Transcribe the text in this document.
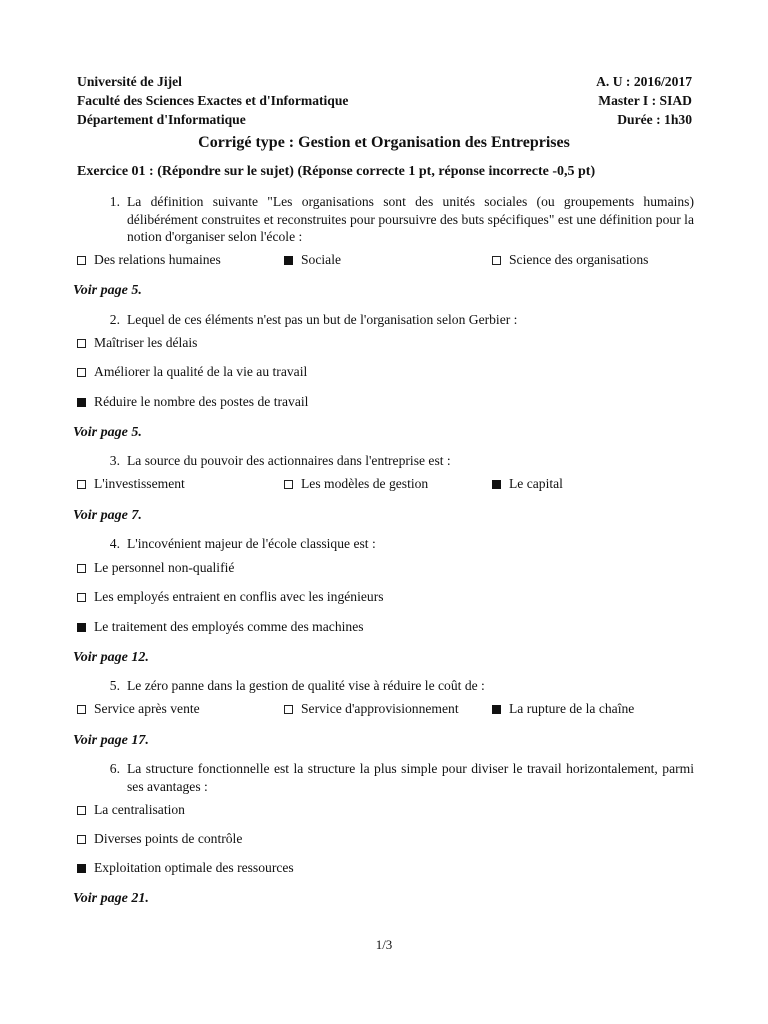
Université de Jijel	A. U : 2016/2017
Faculté des Sciences Exactes et d'Informatique	Master I : SIAD
Département d'Informatique	Durée : 1h30
Corrigé type : Gestion et Organisation des Entreprises
Exercice 01 : (Répondre sur le sujet) (Réponse correcte 1 pt, réponse incorrecte -0,5 pt)
1. La définition suivante "Les organisations sont des unités sociales (ou groupements humains) délibérément construites et reconstruites pour poursuivre des buts spécifiques" est une définition pour la notion d'organiser selon l'école :
Des relations humaines	Sociale	Science des organisations
Voir page 5.
2. Lequel de ces éléments n'est pas un but de l'organisation selon Gerbier :
Maîtriser les délais
Améliorer la qualité de la vie au travail
Réduire le nombre des postes de travail
Voir page 5.
3. La source du pouvoir des actionnaires dans l'entreprise est :
L'investissement	Les modèles de gestion	Le capital
Voir page 7.
4. L'incovénient majeur de l'école classique est :
Le personnel non-qualifié
Les employés entraient en conflis avec les ingénieurs
Le traitement des employés comme des machines
Voir page 12.
5. Le zéro panne dans la gestion de qualité vise à réduire le coût de :
Service après vente	Service d'approvisionnement	La rupture de la chaîne
Voir page 17.
6. La structure fonctionnelle est la structure la plus simple pour diviser le travail horizontalement, parmi ses avantages :
La centralisation
Diverses points de contrôle
Exploitation optimale des ressources
Voir page 21.
1/3
